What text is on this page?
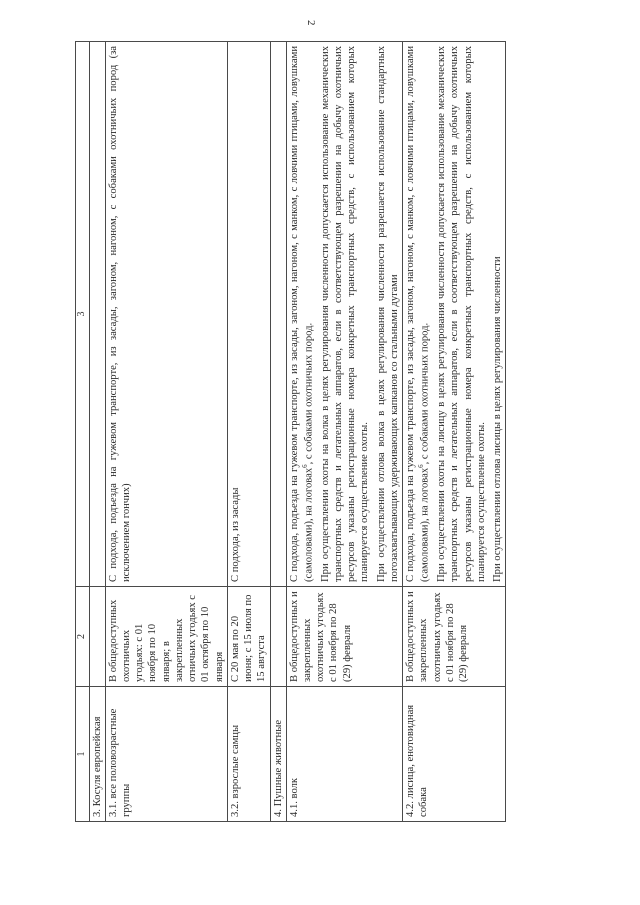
2
1	2	3
3. Косуля европейская		
3.1. все половозрастные группы	В общедоступных охотничьих угодьях: с 01 ноября по 10 января; в закрепленных отничьих угодьях с 01 октября по 10 января	С подхода, подъезда на гужевом транспорте, из засады, загоном, нагоном, с собаками охотничьих пород (за исключением гончих)
3.2. взрослые самцы	С 20 мая по 20 июня; с 15 июля по 15 августа	С подхода, из засады
4. Пушные животные		
4.1. волк	В общедоступных и закрепленных охотничьих угодьях с 01 ноября по 28 (29) февраля	С подхода, подъезда на гужевом транспорте, из засады, загоном, нагоном, с манком, с ловчими птицами, ловушками (самоловами), на логовах$^6$, с собаками охотничьих пород. При осуществлении охоты на волка в целях регулирования численности допускается использование механических транспортных средств и летательных аппаратов, если в соответствующем разрешении на добычу охотничьих ресурсов указаны регистрационные номера конкретных транспортных средств, с использованием которых планируется осуществление охоты. При осуществлении отлова волка в целях регулирования численности разрешается использование стандартных погозахватывающих удерживающих капканов со стальными дугами
4.2. лисица, енотовидная собака	В общедоступных и закрепленных охотничьих угодьях с 01 ноября по 28 (29) февраля	С подхода, подъезда на гужевом транспорте, из засады, загоном, нагоном, с манком, с ловчими птицами, ловушками (самоловами), на логовах$^6$, с собаками охотничьих пород. При осуществлении охоты на лисицу в целях регулирования численности допускается использование механических транспортных средств и летательных аппаратов, если в соответствующем разрешении на добычу охотничьих ресурсов указаны регистрационные номера конкретных транспортных средств, с использованием которых планируется осуществление охоты. При осуществлении отлова лисицы в целях регулирования численности
